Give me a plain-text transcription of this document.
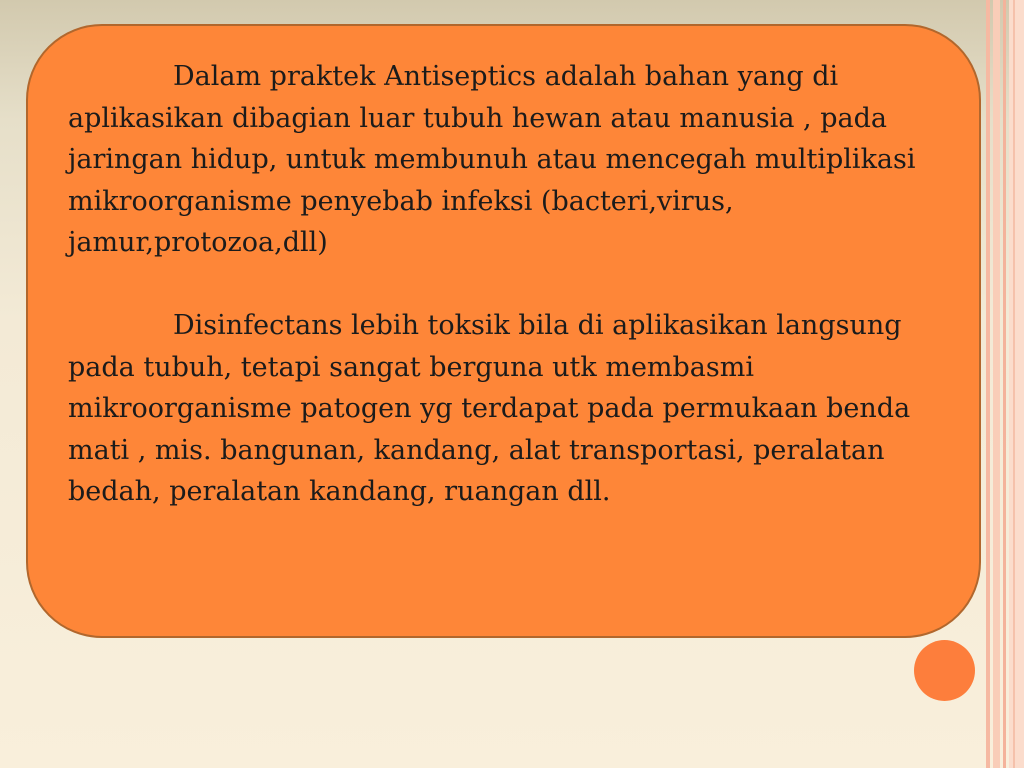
Dalam praktek Antiseptics adalah bahan yang di aplikasikan dibagian luar tubuh hewan atau manusia , pada jaringan hidup, untuk membunuh atau mencegah multiplikasi mikroorganisme penyebab infeksi (bacteri,virus, jamur,protozoa,dll)

Disinfectans lebih toksik bila di aplikasikan langsung pada tubuh, tetapi sangat berguna utk membasmi mikroorganisme patogen yg terdapat pada permukaan benda mati , mis. bangunan, kandang, alat transportasi, peralatan bedah, peralatan kandang, ruangan dll.
